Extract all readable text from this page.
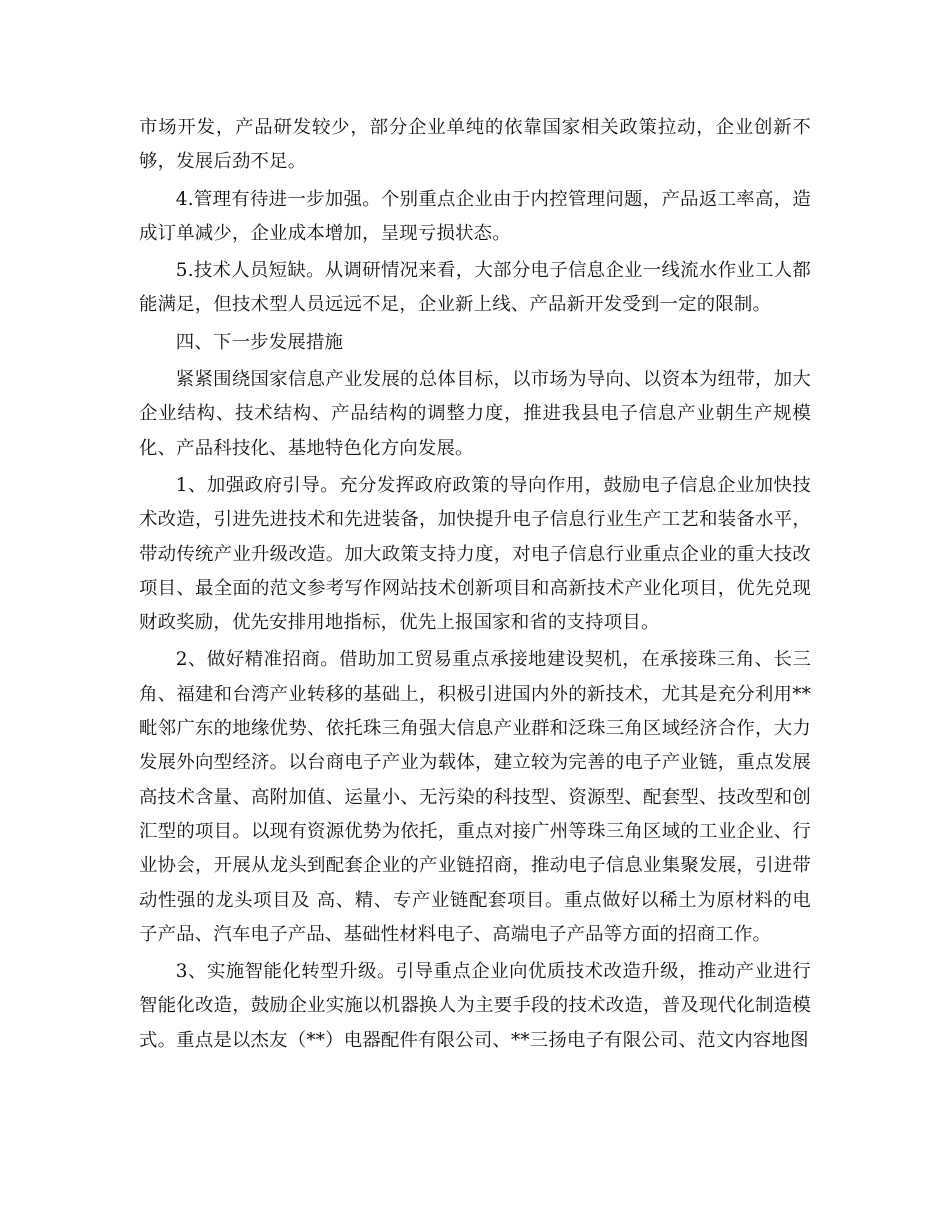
市场开发，产品研发较少，部分企业单纯的依靠国家相关政策拉动，企业创新不够，发展后劲不足。

4.管理有待进一步加强。个别重点企业由于内控管理问题，产品返工率高，造成订单减少，企业成本增加，呈现亏损状态。

5.技术人员短缺。从调研情况来看，大部分电子信息企业一线流水作业工人都能满足，但技术型人员远远不足，企业新上线、产品新开发受到一定的限制。

四、下一步发展措施

紧紧围绕国家信息产业发展的总体目标，以市场为导向、以资本为纽带，加大企业结构、技术结构、产品结构的调整力度，推进我县电子信息产业朝生产规模化、产品科技化、基地特色化方向发展。

1、加强政府引导。充分发挥政府政策的导向作用，鼓励电子信息企业加快技术改造，引进先进技术和先进装备，加快提升电子信息行业生产工艺和装备水平，带动传统产业升级改造。加大政策支持力度，对电子信息行业重点企业的重大技改项目、最全面的范文参考写作网站技术创新项目和高新技术产业化项目，优先兑现财政奖励，优先安排用地指标，优先上报国家和省的支持项目。

2、做好精准招商。借助加工贸易重点承接地建设契机，在承接珠三角、长三角、福建和台湾产业转移的基础上，积极引进国内外的新技术，尤其是充分利用**毗邻广东的地缘优势、依托珠三角强大信息产业群和泛珠三角区域经济合作，大力发展外向型经济。以台商电子产业为载体，建立较为完善的电子产业链，重点发展高技术含量、高附加值、运量小、无污染的科技型、资源型、配套型、技改型和创汇型的项目。以现有资源优势为依托，重点对接广州等珠三角区域的工业企业、行业协会，开展从龙头到配套企业的产业链招商，推动电子信息业集聚发展，引进带动性强的龙头项目及 高、精、专产业链配套项目。重点做好以稀土为原材料的电子产品、汽车电子产品、基础性材料电子、高端电子产品等方面的招商工作。

3、实施智能化转型升级。引导重点企业向优质技术改造升级，推动产业进行智能化改造，鼓励企业实施以机器换人为主要手段的技术改造，普及现代化制造模式。重点是以杰友（**）电器配件有限公司、**三扬电子有限公司、范文内容地图
